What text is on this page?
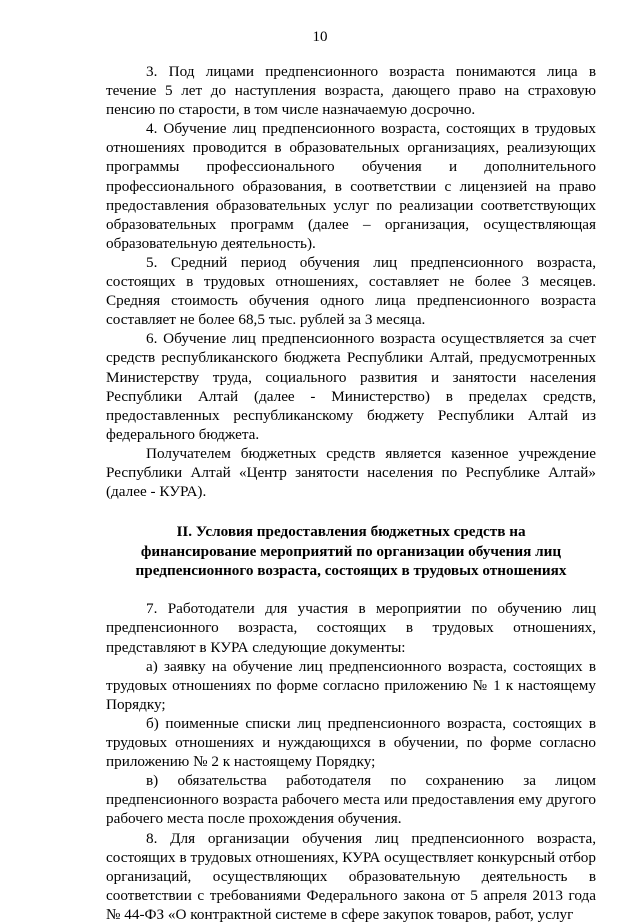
10

3. Под лицами предпенсионного возраста понимаются лица в течение 5 лет до наступления возраста, дающего право на страховую пенсию по старости, в том числе назначаемую досрочно.

4. Обучение лиц предпенсионного возраста, состоящих в трудовых отношениях проводится в образовательных организациях, реализующих программы профессионального обучения и дополнительного профессионального образования, в соответствии с лицензией на право предоставления образовательных услуг по реализации соответствующих образовательных программ (далее – организация, осуществляющая образовательную деятельность).

5. Средний период обучения лиц предпенсионного возраста, состоящих в трудовых отношениях, составляет не более 3 месяцев. Средняя стоимость обучения одного лица предпенсионного возраста составляет не более 68,5 тыс. рублей за 3 месяца.

6. Обучение лиц предпенсионного возраста осуществляется за счет средств республиканского бюджета Республики Алтай, предусмотренных Министерству труда, социального развития и занятости населения Республики Алтай (далее - Министерство) в пределах средств, предоставленных республиканскому бюджету Республики Алтай из федерального бюджета.

Получателем бюджетных средств является казенное учреждение Республики Алтай «Центр занятости населения по Республике Алтай» (далее - КУРА).

II. Условия предоставления бюджетных средств на
финансирование мероприятий по организации обучения лиц
предпенсионного возраста, состоящих в трудовых отношениях

7. Работодатели для участия в мероприятии по обучению лиц предпенсионного возраста, состоящих в трудовых отношениях, представляют в КУРА следующие документы:

а) заявку на обучение лиц предпенсионного возраста, состоящих в трудовых отношениях по форме согласно приложению № 1 к настоящему Порядку;

б) поименные списки лиц предпенсионного возраста, состоящих в трудовых отношениях и нуждающихся в обучении, по форме согласно приложению № 2 к настоящему Порядку;

в) обязательства работодателя по сохранению за лицом предпенсионного возраста рабочего места или предоставления ему другого рабочего места после прохождения обучения.

8. Для организации обучения лиц предпенсионного возраста, состоящих в трудовых отношениях, КУРА осуществляет конкурсный отбор организаций, осуществляющих образовательную деятельность в соответствии с требованиями Федерального закона от 5 апреля 2013 года № 44-ФЗ «О контрактной системе в сфере закупок товаров, работ, услуг
